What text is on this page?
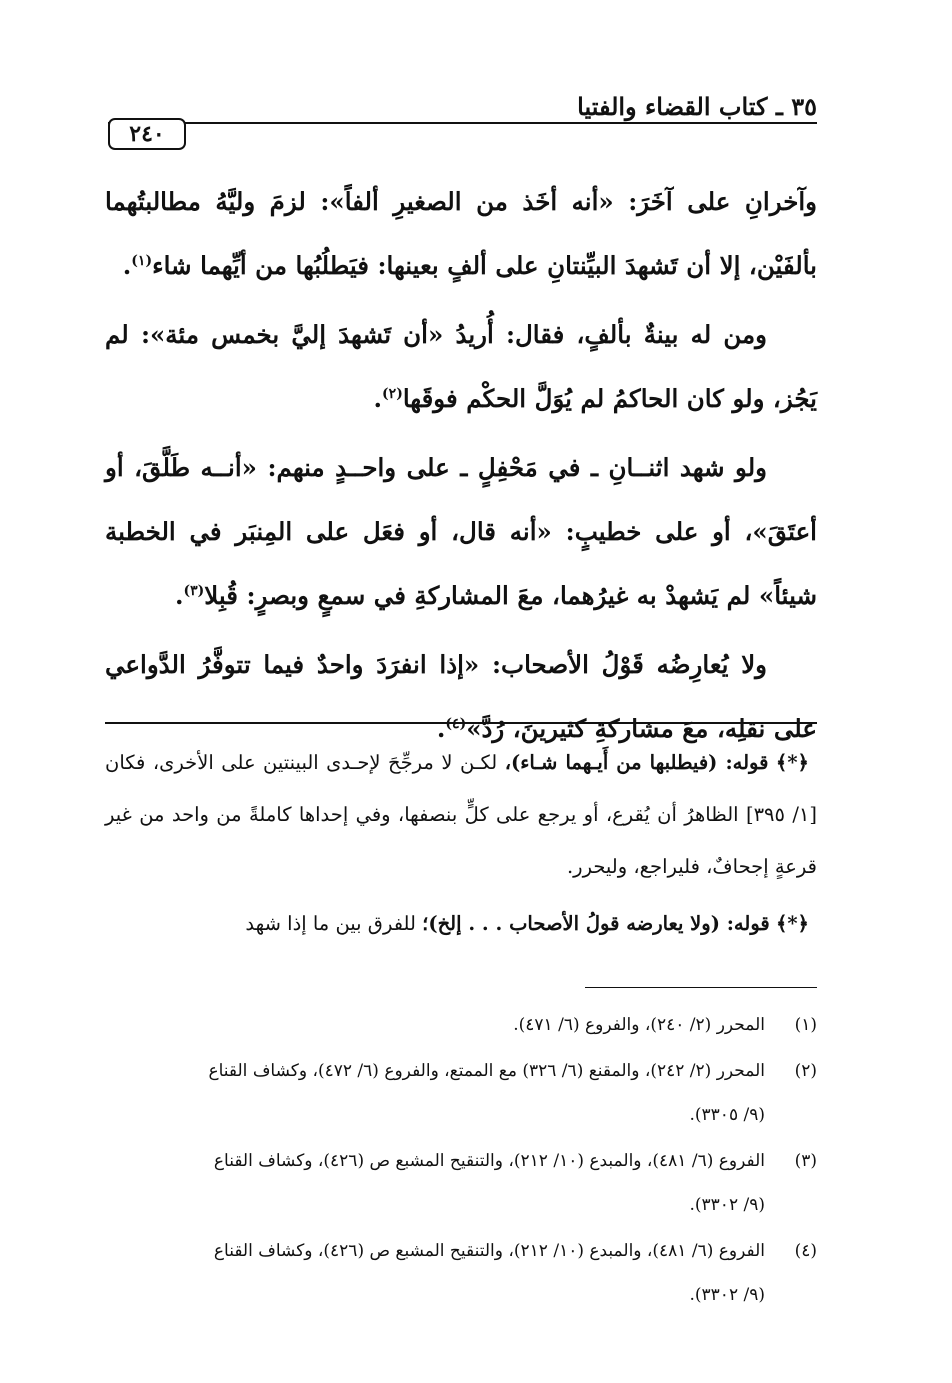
٣٥ ـ كتاب القضاء والفتيا
٢٤٠

وآخرانِ على آخَرَ: «أنه أخَذ من الصغيرِ ألفاً»: لزمَ وليَّهُ مطالبتُهما بألفَيْن، إلا أن تَشهدَ البيِّنتانِ على ألفٍ بعينها: فيَطلُبُها من أيِّهما شاء$^{(١)}$.

ومن له بينةٌ بألفٍ، فقال: أُريدُ «أن تَشهدَ إليَّ بخمس مئة»: لم يَجُز، ولو كان الحاكمُ لم يُوَلَّ الحكْم فوقَها$^{(٢)}$.

ولو شهد اثنــانِ ـ في مَحْفِلٍ ـ على واحــدٍ منهم: «أنــه طَلَّقَ، أو أعتَقَ»، أو على خطيبٍ: «أنه قال، أو فعَل على المِنبَر في الخطبة شيئاً» لم يَشهدْ به غيرُهما، معَ المشاركةِ في سمعٍ وبصرٍ: قُبِلا$^{(٣)}$.

ولا يُعارِضُه قَوْلُ الأصحاب: «إذا انفرَدَ واحدٌ فيما تتوفَّرُ الدَّواعي على نقلِه، معَ مشاركةِ كثيرينَ، رُدَّ»$^{(٤)}$.

﴿*﴾ قوله: (فيطلبها من أَيـهما شـاء)، لكـن لا مرجِّحَ لإحـدى البينتين على الأخرى، فكان [١/ ٣٩٥] الظاهرُ أن يُقرع، أو يرجع على كلٍّ بنصفها، وفي إحداها كاملةً من واحد من غير قرعةٍ إجحافٌ، فليراجع، وليحرر.

﴿*﴾ قوله: (ولا يعارضه قولُ الأصحاب . . . إلخ)؛ للفرق بين ما إذا شهد

(١)
المحرر (٢/ ٢٤٠)، والفروع (٦/ ٤٧١).
(٢)
المحرر (٢/ ٢٤٢)، والمقنع (٦/ ٣٢٦) مع الممتع، والفروع (٦/ ٤٧٢)، وكشاف القناع
(٩/ ٣٣٠٥).
(٣)
الفروع (٦/ ٤٨١)، والمبدع (١٠/ ٢١٢)، والتنقيح المشبع ص (٤٢٦)، وكشاف القناع
(٩/ ٣٣٠٢).
(٤)
الفروع (٦/ ٤٨١)، والمبدع (١٠/ ٢١٢)، والتنقيح المشبع ص (٤٢٦)، وكشاف القناع
(٩/ ٣٣٠٢).
